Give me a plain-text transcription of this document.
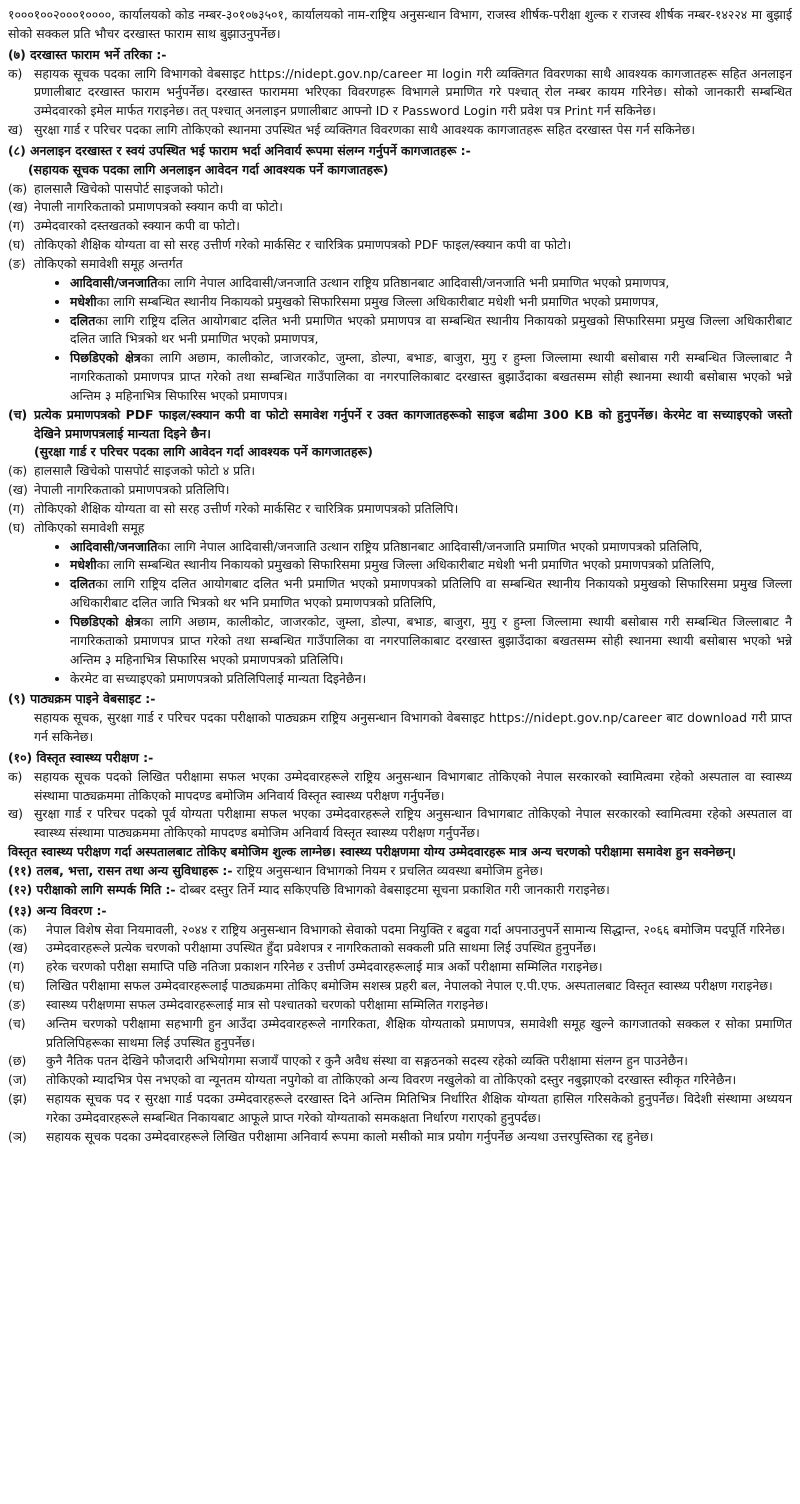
१०००१००२०००१००००, कार्यालयको कोड नम्बर-३०१०७३५०१, कार्यालयको नाम-राष्ट्रिय अनुसन्धान विभाग, राजस्व शीर्षक-परीक्षा शुल्क र राजस्व शीर्षक नम्बर-१४२२४ मा बुझाई सोको सक्कल प्रति भौचर दरखास्त फाराम साथ बुझाउनुपर्नेछ।

(७) दरखास्त फाराम भर्ने तरिका :-

क) सहायक सूचक पदका लागि विभागको वेबसाइट https://nidept.gov.np/career मा login गरी व्यक्तिगत विवरणका साथै आवश्यक कागजातहरू सहित अनलाइन प्रणालीबाट दरखास्त फाराम भर्नुपर्नेछ। दरखास्त फाराममा भरिएका विवरणहरू विभागले प्रमाणित गरे पश्चात् रोल नम्बर कायम गरिनेछ। सोको जानकारी सम्बन्धित उम्मेदवारको इमेल मार्फत गराइनेछ। तत् पश्चात् अनलाइन प्रणालीबाट आफ्नो ID र Password Login गरी प्रवेश पत्र Print गर्न सकिनेछ।
ख) सुरक्षा गार्ड र परिचर पदका लागि तोकिएको स्थानमा उपस्थित भई व्यक्तिगत विवरणका साथै आवश्यक कागजातहरू सहित दरखास्त पेस गर्न सकिनेछ।

(८) अनलाइन दरखास्त र स्वयं उपस्थित भई फाराम भर्दा अनिवार्य रूपमा संलग्न गर्नुपर्ने कागजातहरू :-

(सहायक सूचक पदका लागि अनलाइन आवेदन गर्दा आवश्यक पर्ने कागजातहरू)

(क) हालसालै खिचेको पासपोर्ट साइजको फोटो।
(ख) नेपाली नागरिकताको प्रमाणपत्रको स्क्यान कपी वा फोटो।
(ग) उम्मेदवारको दस्तखतको स्क्यान कपी वा फोटो।
(घ) तोकिएको शैक्षिक योग्यता वा सो सरह उत्तीर्ण गरेको मार्कसिट र चारित्रिक प्रमाणपत्रको PDF फाइल/स्क्यान कपी वा फोटो।
(ङ) तोकिएको समावेशी समूह अन्तर्गत
• आदिवासी/जनजातिका लागि नेपाल आदिवासी/जनजाति उत्थान राष्ट्रिय प्रतिष्ठानबाट आदिवासी/जनजाति भनी प्रमाणित भएको प्रमाणपत्र,
• मधेशीका लागि सम्बन्धित स्थानीय निकायको प्रमुखको सिफारिसमा प्रमुख जिल्ला अधिकारीबाट मधेशी भनी प्रमाणित भएको प्रमाणपत्र,
• दलितका लागि राष्ट्रिय दलित आयोगबाट दलित भनी प्रमाणित भएको प्रमाणपत्र वा सम्बन्धित स्थानीय निकायको प्रमुखको सिफारिसमा प्रमुख जिल्ला अधिकारीबाट दलित जाति भित्रको थर भनी प्रमाणित भएको प्रमाणपत्र,
• पिछडिएको क्षेत्रका लागि अछाम, कालीकोट, जाजरकोट, जुम्ला, डोल्पा, बभाङ, बाजुरा, मुगु र हुम्ला जिल्लामा स्थायी बसोबास गरी सम्बन्धित जिल्लाबाट नै नागरिकताको प्रमाणपत्र प्राप्त गरेको तथा सम्बन्धित गाउँपालिका वा नगरपालिकाबाट दरखास्त बुझाउँदाका बखतसम्म सोही स्थानमा स्थायी बसोबास भएको भन्ने अन्तिम ३ महिनाभित्र सिफारिस भएको प्रमाणपत्र।
(च) प्रत्येक प्रमाणपत्रको PDF फाइल/स्क्यान कपी वा फोटो समावेश गर्नुपर्ने र उक्त कागजातहरूको साइज बढीमा 300 KB को हुनुपर्नेछ। केरमेट वा सच्याइएको जस्तो देखिने प्रमाणपत्रलाई मान्यता दिइने छैन।

(सुरक्षा गार्ड र परिचर पदका लागि आवेदन गर्दा आवश्यक पर्ने कागजातहरू)

(क) हालसालै खिचेको पासपोर्ट साइजको फोटो ४ प्रति।
(ख) नेपाली नागरिकताको प्रमाणपत्रको प्रतिलिपि।
(ग) तोकिएको शैक्षिक योग्यता वा सो सरह उत्तीर्ण गरेको मार्कसिट र चारित्रिक प्रमाणपत्रको प्रतिलिपि।
(घ) तोकिएको समावेशी समूह
• आदिवासी/जनजातिका लागि नेपाल आदिवासी/जनजाति उत्थान राष्ट्रिय प्रतिष्ठानबाट आदिवासी/जनजाति प्रमाणित भएको प्रमाणपत्रको प्रतिलिपि,
• मधेशीका लागि सम्बन्धित स्थानीय निकायको प्रमुखको सिफारिसमा प्रमुख जिल्ला अधिकारीबाट मधेशी भनी प्रमाणित भएको प्रमाणपत्रको प्रतिलिपि,
• दलितका लागि राष्ट्रिय दलित आयोगबाट दलित भनी प्रमाणित भएको प्रमाणपत्रको प्रतिलिपि वा सम्बन्धित स्थानीय निकायको प्रमुखको सिफारिसमा प्रमुख जिल्ला अधिकारीबाट दलित जाति भित्रको थर भनि प्रमाणित भएको प्रमाणपत्रको प्रतिलिपि,
• पिछडिएको क्षेत्रका लागि अछाम, कालीकोट, जाजरकोट, जुम्ला, डोल्पा, बभाङ, बाजुरा, मुगु र हुम्ला जिल्लामा स्थायी बसोबास गरी सम्बन्धित जिल्लाबाट नै नागरिकताको प्रमाणपत्र प्राप्त गरेको तथा सम्बन्धित गाउँपालिका वा नगरपालिकाबाट दरखास्त बुझाउँदाका बखतसम्म सोही स्थानमा स्थायी बसोबास भएको भन्ने अन्तिम ३ महिनाभित्र सिफारिस भएको प्रमाणपत्रको प्रतिलिपि।
• केरमेट वा सच्याइएको प्रमाणपत्रको प्रतिलिपिलाई मान्यता दिइनेछैन।

(९) पाठ्यक्रम पाइने वेबसाइट :-

सहायक सूचक, सुरक्षा गार्ड र परिचर पदका परीक्षाको पाठ्यक्रम राष्ट्रिय अनुसन्धान विभागको वेबसाइट https://nidept.gov.np/career बाट download गरी प्राप्त गर्न सकिनेछ।

(१०) विस्तृत स्वास्थ्य परीक्षण :-

क) सहायक सूचक पदको लिखित परीक्षामा सफल भएका उम्मेदवारहरूले राष्ट्रिय अनुसन्धान विभागबाट तोकिएको नेपाल सरकारको स्वामित्वमा रहेको अस्पताल वा स्वास्थ्य संस्थामा पाठ्यक्रममा तोकिएको मापदण्ड बमोजिम अनिवार्य विस्तृत स्वास्थ्य परीक्षण गर्नुपर्नेछ।
ख) सुरक्षा गार्ड र परिचर पदको पूर्व योग्यता परीक्षामा सफल भएका उम्मेदवारहरूले राष्ट्रिय अनुसन्धान विभागबाट तोकिएको नेपाल सरकारको स्वामित्वमा रहेको अस्पताल वा स्वास्थ्य संस्थामा पाठ्यक्रममा तोकिएको मापदण्ड बमोजिम अनिवार्य विस्तृत स्वास्थ्य परीक्षण गर्नुपर्नेछ।

विस्तृत स्वास्थ्य परीक्षण गर्दा अस्पतालबाट तोकिए बमोजिम शुल्क लाग्नेछ। स्वास्थ्य परीक्षणमा योग्य उम्मेदवारहरू मात्र अन्य चरणको परीक्षामा समावेश हुन सक्नेछन्।

(११) तलब, भत्ता, रासन तथा अन्य सुविधाहरू :- राष्ट्रिय अनुसन्धान विभागको नियम र प्रचलित व्यवस्था बमोजिम हुनेछ।
(१२) परीक्षाको लागि सम्पर्क मिति :- दोब्बर दस्तुर तिर्ने म्याद सकिएपछि विभागको वेबसाइटमा सूचना प्रकाशित गरी जानकारी गराइनेछ।

(१३) अन्य विवरण :-

(क)	नेपाल विशेष सेवा नियमावली, २०४४ र राष्ट्रिय अनुसन्धान विभागको सेवाको पदमा नियुक्ति र बढुवा गर्दा अपनाउनुपर्ने सामान्य सिद्धान्त, २०६६ बमोजिम पदपूर्ति गरिनेछ।
(ख)	उम्मेदवारहरूले प्रत्येक चरणको परीक्षामा उपस्थित हुँदा प्रवेशपत्र र नागरिकताको सक्कली प्रति साथमा लिई उपस्थित हुनुपर्नेछ।
(ग)	हरेक चरणको परीक्षा समाप्ति पछि नतिजा प्रकाशन गरिनेछ र उत्तीर्ण उम्मेदवारहरूलाई मात्र अर्को परीक्षामा सम्मिलित गराइनेछ।
(घ)	लिखित परीक्षामा सफल उम्मेदवारहरूलाई पाठ्यक्रममा तोकिए बमोजिम सशस्त्र प्रहरी बल, नेपालको नेपाल ए.पी.एफ. अस्पतालबाट विस्तृत स्वास्थ्य परीक्षण गराइनेछ।
(ङ)	स्वास्थ्य परीक्षणमा सफल उम्मेदवारहरूलाई मात्र सो पश्चातको चरणको परीक्षामा सम्मिलित गराइनेछ।
(च)	अन्तिम चरणको परीक्षामा सहभागी हुन आउँदा उम्मेदवारहरूले नागरिकता, शैक्षिक योग्यताको प्रमाणपत्र, समावेशी समूह खुल्ने कागजातको सक्कल र सोका प्रमाणित प्रतिलिपिहरूका साथमा लिई उपस्थित हुनुपर्नेछ।
(छ)	कुनै नैतिक पतन देखिने फौजदारी अभियोगमा सजायँ पाएको र कुनै अवैध संस्था वा सङ्गठनको सदस्य रहेको व्यक्ति परीक्षामा संलग्न हुन पाउनेछैन।
(ज)	तोकिएको म्यादभित्र पेस नभएको वा न्यूनतम योग्यता नपुगेको वा तोकिएको अन्य विवरण नखुलेको वा तोकिएको दस्तुर नबुझाएको दरखास्त स्वीकृत गरिनेछैन।
(झ)	सहायक सूचक पद र सुरक्षा गार्ड पदका उम्मेदवारहरूले दरखास्त दिने अन्तिम मितिभित्र निर्धारित शैक्षिक योग्यता हासिल गरिसकेको हुनुपर्नेछ। विदेशी संस्थामा अध्ययन गरेका उम्मेदवारहरूले सम्बन्धित निकायबाट आफूले प्राप्त गरेको योग्यताको समकक्षता निर्धारण गराएको हुनुपर्दछ।
(ञ)	सहायक सूचक पदका उम्मेदवारहरूले लिखित परीक्षामा अनिवार्य रूपमा कालो मसीको मात्र प्रयोग गर्नुपर्नेछ अन्यथा उत्तरपुस्तिका रद्द हुनेछ।
